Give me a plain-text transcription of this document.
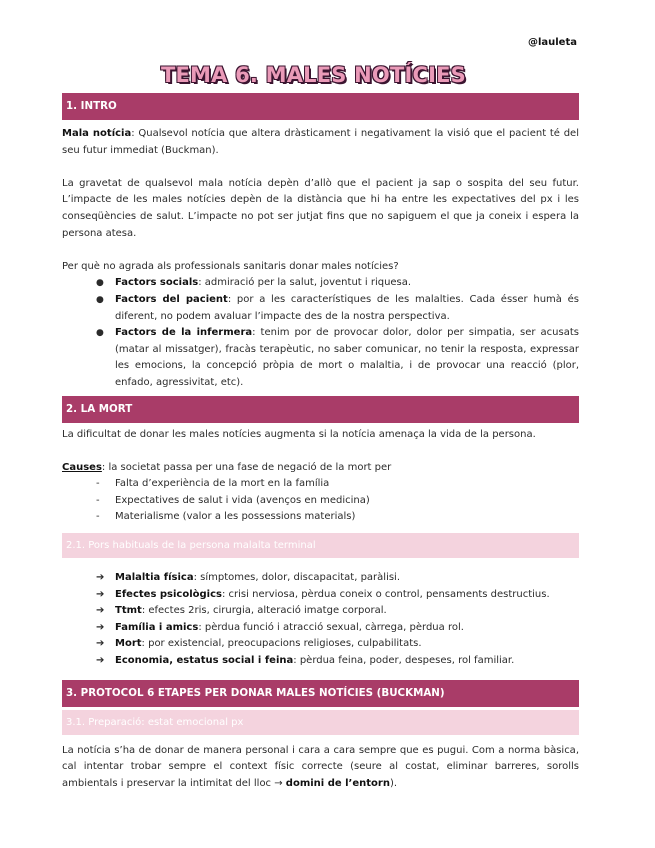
@lauleta
TEMA 6. MALES NOTÍCIES
1. INTRO

Mala notícia: Qualsevol notícia que altera dràsticament i negativament la visió que el pacient té del seu futur immediat (Buckman).

La gravetat de qualsevol mala notícia depèn d’allò que el pacient ja sap o sospita del seu futur. L’impacte de les males notícies depèn de la distància que hi ha entre les expectatives del px i les conseqüències de salut. L’impacte no pot ser jutjat fins que no sapiguem el que ja coneix i espera la persona atesa.

Per què no agrada als professionals sanitaris donar males notícies?

● Factors socials: admiració per la salut, joventut i riquesa.
● Factors del pacient: por a les característiques de les malalties. Cada ésser humà és diferent, no podem avaluar l’impacte des de la nostra perspectiva.
● Factors de la infermera: tenim por de provocar dolor, dolor per simpatia, ser acusats (matar al missatger), fracàs terapèutic, no saber comunicar, no tenir la resposta, expressar les emocions, la concepció pròpia de mort o malaltia, i de provocar una reacció (plor, enfado, agressivitat, etc).
2. LA MORT

La dificultat de donar les males notícies augmenta si la notícia amenaça la vida de la persona.

Causes: la societat passa per una fase de negació de la mort per

- Falta d’experiència de la mort en la família
- Expectatives de salut i vida (avenços en medicina)
- Materialisme (valor a les possessions materials)
2.1. Pors habituals de la persona malalta terminal
➔ Malaltia física: símptomes, dolor, discapacitat, paràlisi.
➔ Efectes psicològics: crisi nerviosa, pèrdua coneix o control, pensaments destructius.
➔ Ttmt: efectes 2ris, cirurgia, alteració imatge corporal.
➔ Família i amics: pèrdua funció i atracció sexual, càrrega, pèrdua rol.
➔ Mort: por existencial, preocupacions religioses, culpabilitats.
➔ Economia, estatus social i feina: pèrdua feina, poder, despeses, rol familiar.
3. PROTOCOL 6 ETAPES PER DONAR MALES NOTÍCIES (BUCKMAN)
3.1. Preparació: estat emocional px

La notícia s’ha de donar de manera personal i cara a cara sempre que es pugui. Com a norma bàsica, cal intentar trobar sempre el context físic correcte (seure al costat, eliminar barreres, sorolls ambientals i preservar la intimitat del lloc → domini de l’entorn).
